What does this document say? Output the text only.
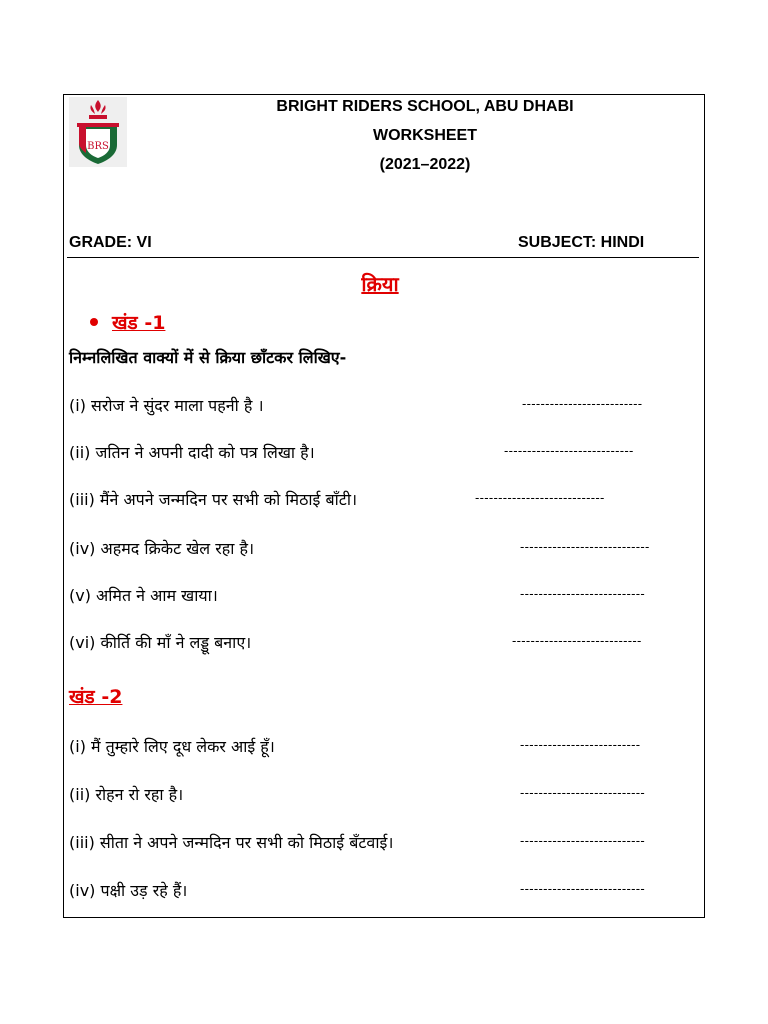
BRS
BRIGHT RIDERS SCHOOL, ABU DHABI
WORKSHEET
(2021–2022)
GRADE: VI	SUBJECT: HINDI
क्रिया
खंड -1
निम्नलिखित वाक्यों में से क्रिया छाँटकर लिखिए-
(i) सरोज ने सुंदर माला पहनी है ।	--------------------------
(ii) जतिन ने अपनी दादी को पत्र लिखा है।	----------------------------
(iii) मैंने अपने जन्मदिन पर सभी को मिठाई बाँटी।	----------------------------
(iv) अहमद क्रिकेट खेल रहा है।	----------------------------
(v) अमित ने आम खाया।	---------------------------
(vi) कीर्ति की माँ ने लड्डू बनाए।	----------------------------
खंड -2
(i) मैं तुम्हारे लिए दूध लेकर आई हूँ।	--------------------------
(ii) रोहन रो रहा है।	---------------------------
(iii) सीता ने अपने जन्मदिन पर सभी को मिठाई बँटवाई।	---------------------------
(iv) पक्षी उड़ रहे हैं।	---------------------------
